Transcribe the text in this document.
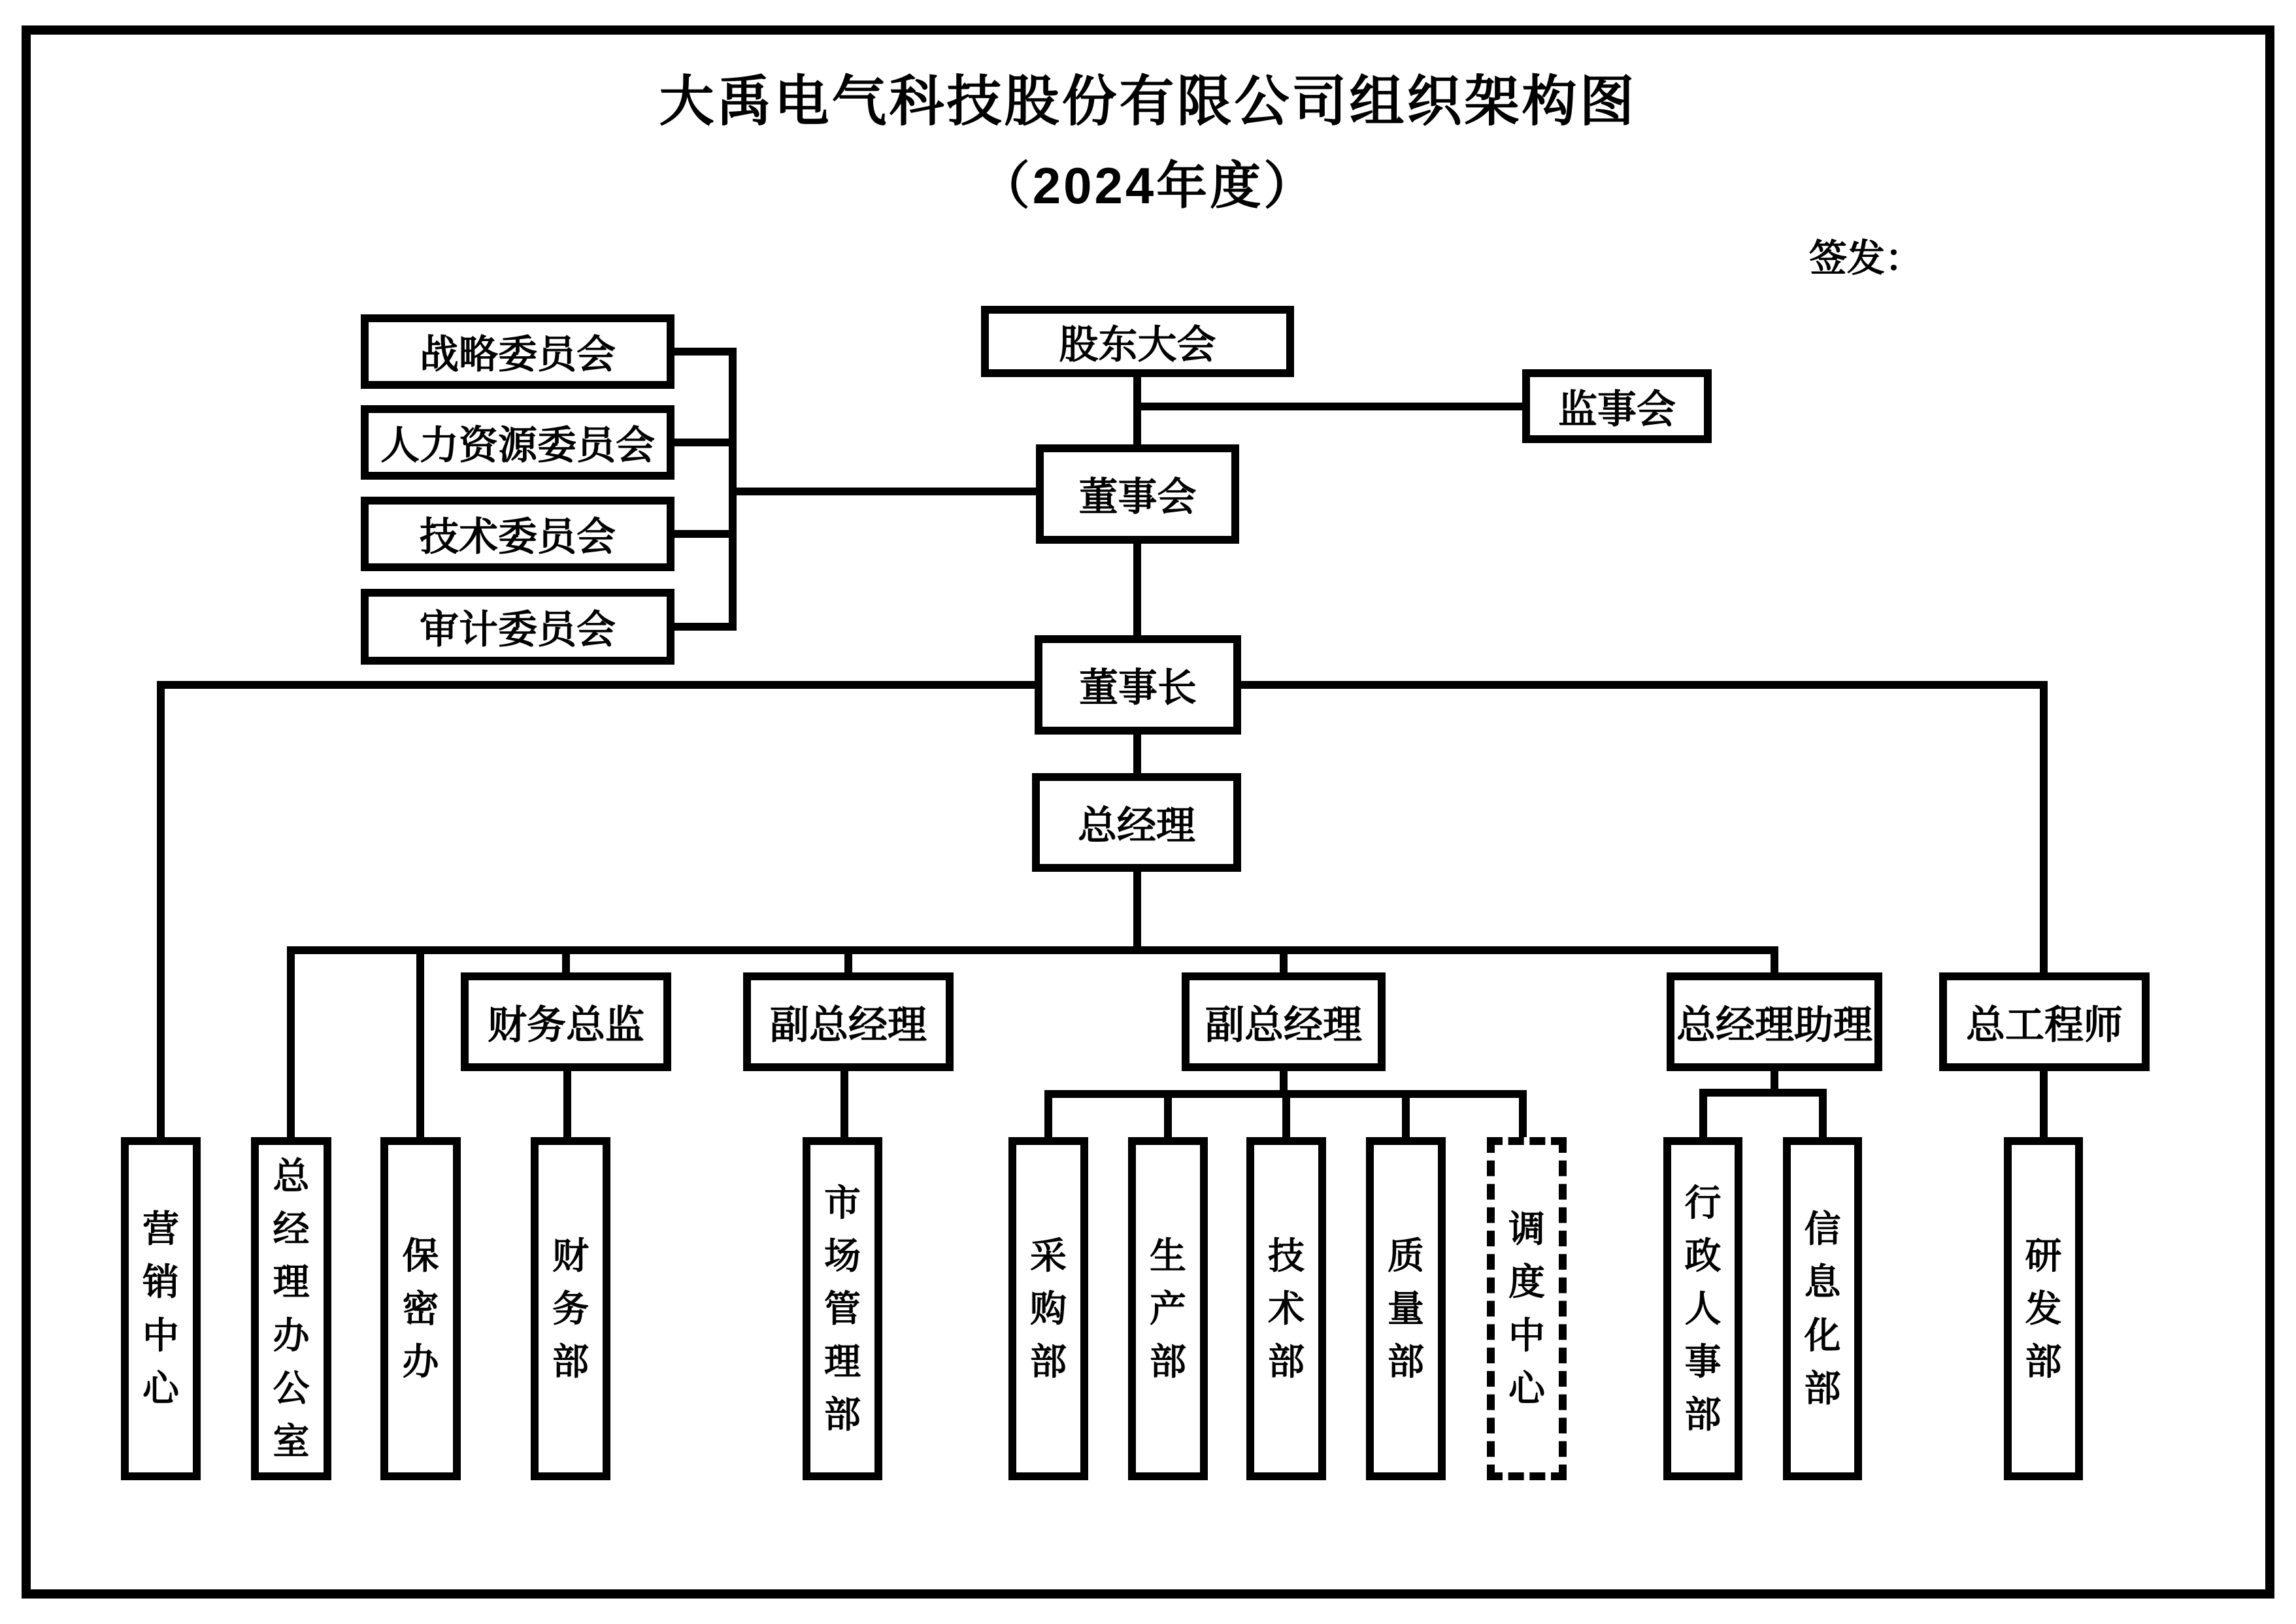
大禹电气科技股份有限公司组织架构图
（2024年度）
签发：
股东大会
监事会
董事会
董事长
总经理
战略委员会
人力资源委员会
技术委员会
审计委员会
财务总监	副总经理	副总经理	总经理助理	总工程师
营销中心
总经理办公室
保密办
财务部
市场管理部
采购部
生产部
技术部
质量部
调度中心
行政人事部
信息化部
研发部
